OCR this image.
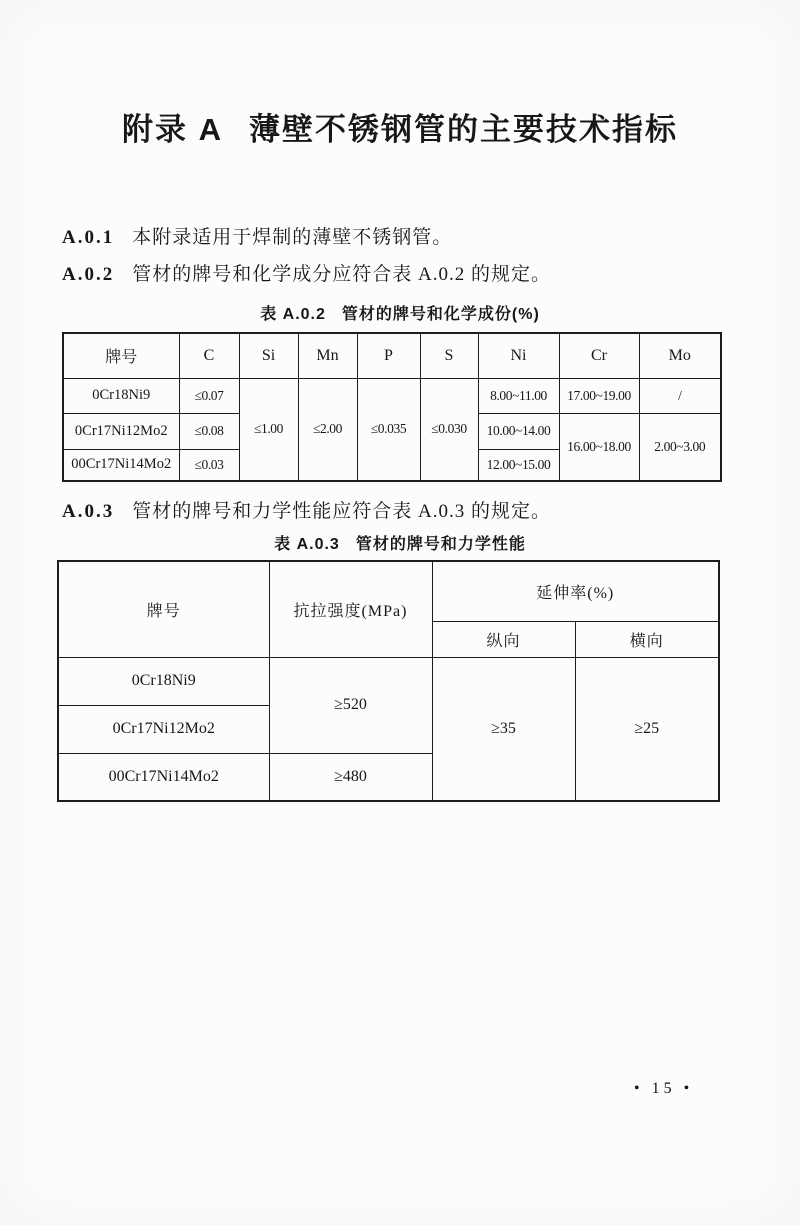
附录 A 薄壁不锈钢管的主要技术指标

A.0.1 本附录适用于焊制的薄壁不锈钢管。

A.0.2 管材的牌号和化学成分应符合表 A.0.2 的规定。

表 A.0.2 管材的牌号和化学成份(%)

牌号	C	Si	Mn	P	S	Ni	Cr	Mo
0Cr18Ni9	≤0.07	≤1.00	≤2.00	≤0.035	≤0.030	8.00~11.00	17.00~19.00	/
0Cr17Ni12Mo2	≤0.08					10.00~14.00	16.00~18.00	2.00~3.00
00Cr17Ni14Mo2	≤0.03					12.00~15.00		

A.0.3 管材的牌号和力学性能应符合表 A.0.3 的规定。

表 A.0.3 管材的牌号和力学性能

牌号	抗拉强度(MPa)	延伸率(%)	
		纵向	横向
0Cr18Ni9	≥520	≥35	≥25
0Cr17Ni12Mo2			
00Cr17Ni14Mo2	≥480		
• 15 •
